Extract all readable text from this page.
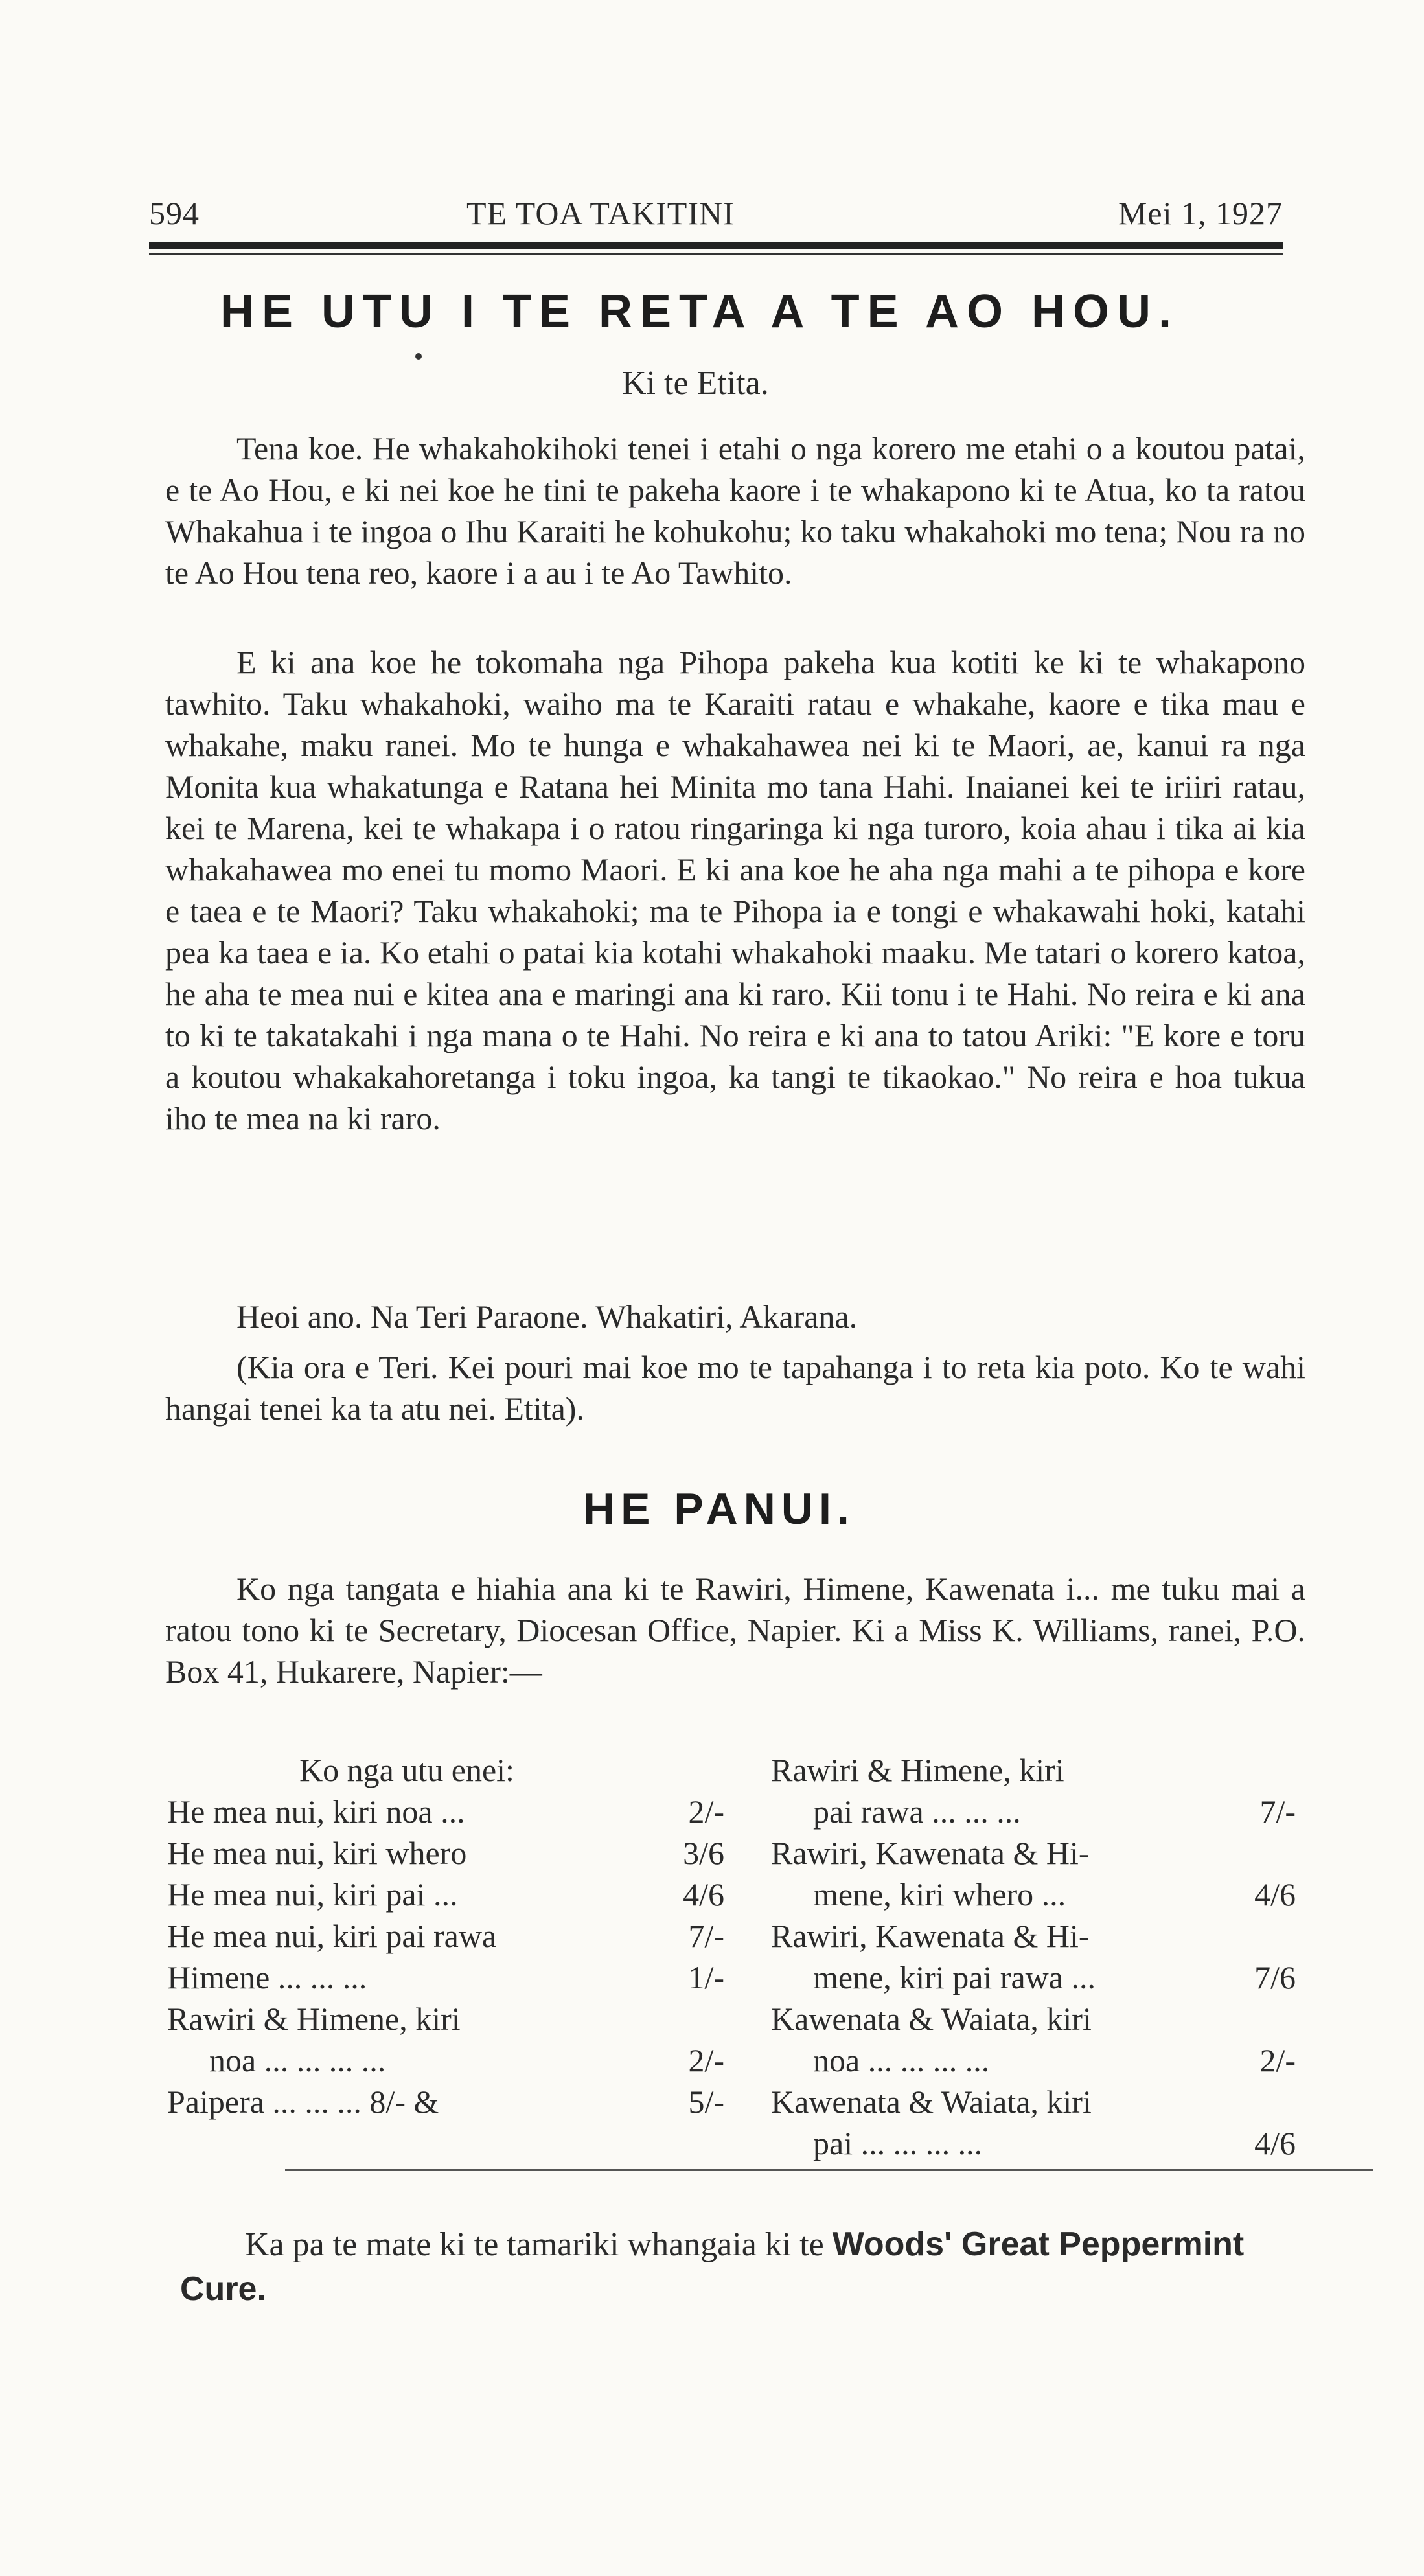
594	TE TOA TAKITINI	Mei 1, 1927
HE UTU I TE RETA A TE AO HOU.
Ki te Etita.

Tena koe. He whakahokihoki tenei i etahi o nga korero me etahi o a koutou patai, e te Ao Hou, e ki nei koe he tini te pakeha kaore i te whakapono ki te Atua, ko ta ratou Whakahua i te ingoa o Ihu Karaiti he kohukohu; ko taku whakahoki mo tena; Nou ra no te Ao Hou tena reo, kaore i a au i te Ao Tawhito.

E ki ana koe he tokomaha nga Pihopa pakeha kua kotiti ke ki te whakapono tawhito. Taku whakahoki, waiho ma te Karaiti ratau e whakahe, kaore e tika mau e whakahe, maku ranei. Mo te hunga e whakahawea nei ki te Maori, ae, kanui ra nga Monita kua whakatunga e Ratana hei Minita mo tana Hahi. Inaianei kei te iriiri ratau, kei te Marena, kei te whakapa i o ratou ringaringa ki nga turoro, koia ahau i tika ai kia whakahawea mo enei tu momo Maori. E ki ana koe he aha nga mahi a te pihopa e kore e taea e te Maori? Taku whakahoki; ma te Pihopa ia e tongi e whakawahi hoki, katahi pea ka taea e ia. Ko etahi o patai kia kotahi whakahoki maaku. Me tatari o korero katoa, he aha te mea nui e kitea ana e maringi ana ki raro. Kii tonu i te Hahi. No reira e ki ana to ki te takatakahi i nga mana o te Hahi. No reira e ki ana to tatou Ariki: "E kore e toru a koutou whakakahoretanga i toku ingoa, ka tangi te tikaokao." No reira e hoa tukua iho te mea na ki raro.

Heoi ano. Na Teri Paraone. Whakatiri, Akarana.

(Kia ora e Teri. Kei pouri mai koe mo te tapahanga i to reta kia poto. Ko te wahi hangai tenei ka ta atu nei. Etita).

HE PANUI.

Ko nga tangata e hiahia ana ki te Rawiri, Himene, Kawenata i... me tuku mai a ratou tono ki te Secretary, Diocesan Office, Napier. Ki a Miss K. Williams, ranei, P.O. Box 41, Hukarere, Napier:—

Ko nga utu enei:
He mea nui, kiri noa ...	2/-
He mea nui, kiri whero	3/6
He mea nui, kiri pai ...	4/6
He mea nui, kiri pai rawa	7/-
Himene ... ... ...	1/-
Rawiri & Himene, kiri
noa ... ... ... ...	2/-
Paipera ... ... ... 8/- &	5/-
Rawiri & Himene, kiri
pai rawa ... ... ...	7/-
Rawiri, Kawenata & Hi-
mene, kiri whero ...	4/6
Rawiri, Kawenata & Hi-
mene, kiri pai rawa ...	7/6
Kawenata & Waiata, kiri
noa ... ... ... ...	2/-
Kawenata & Waiata, kiri
pai ... ... ... ...	4/6

Ka pa te mate ki te tamariki whangaia ki te Woods' Great Peppermint Cure.
